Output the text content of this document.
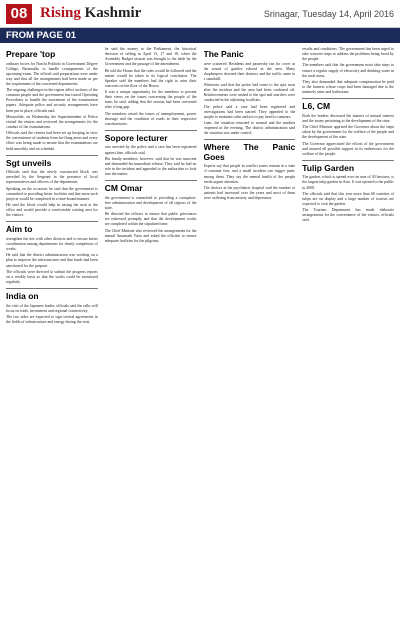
08 Rising Kashmir	Srinagar, Tuesday 14, April 2016
FROM PAGE 01
Prepare 'top

ordinary boxes for Narchi Pokhalo in Government Degree College, Baramulla, to handle consignments of the upcoming exam. The official said preparations were under way and that all the arrangements had been made as per the requirement of the concerned departments.

The ongoing challenges in the region affect sections of the common people and the government has issued Operating Procedures to handle the movement of the examination papers. Adequate police and security arrangements have been put in place, officials said.

Meanwhile, on Wednesday the Superintendent of Police visited the centres and reviewed the arrangements for the conduct of the examinations.

Officials said the centres had been set up keeping in view the convenience of students from far-flung areas and every effort was being made to ensure that the examinations are held smoothly and on schedule.

Sgt unveils

Officials said that the newly constructed block was unveiled by the Sergeant in the presence of local representatives and officers of the department.

Speaking on the occasion, he said that the government is committed to providing better facilities and that more such projects would be completed in a time-bound manner.

He said the block would help in easing the rush at the office and would provide a comfortable waiting area for the visitors.

Aim to

strengthen the ties with other districts and to ensure better coordination among departments for timely completion of works.

He said that the district administration was working on a plan to improve the infrastructure and that funds had been sanctioned for the purpose.

The officials were directed to submit the progress reports on a weekly basis so that the works could be monitored regularly.

India on

the visit of the Japanese leader, officials said the talks will focus on trade, investment and regional connectivity.

The two sides are expected to sign several agreements in the fields of infrastructure and energy during the visit.

he said the money to the Parliament, the historical decision of selling in April 13, 17 and 18, when the Assembly Budget session was brought to the table by the Government and the passage of the amendment.

He told the House that the rules would be followed and the matter would be taken to its logical conclusion. The Speaker said the members had the right to raise their concerns on the floor of the House.

It was a unique opportunity for the members to present their views on the issues concerning the people of the state, he said, adding that the session had been convened after a long gap.

The members raised the issues of unemployment, power shortage and the condition of roads in their respective constituencies.

Sopore lecturer

was arrested by the police and a case has been registered against him, officials said.

His family members, however, said that he was innocent and demanded his immediate release. They said he had no role in the incident and appealed to the authorities to look into the matter.

CM Omar

the government is committed to providing a corruption-free administration and development of all regions of the state.

He directed the officers to ensure that public grievances are redressed promptly and that the development works are completed within the stipulated time.

The Chief Minister also reviewed the arrangements for the annual Amarnath Yatra and asked the officials to ensure adequate facilities for the pilgrims.

The Panic

were scattered. Residents and passersby ran for cover as the sound of gunfire echoed in the area. Many shopkeepers downed their shutters and the traffic came to a standstill.

Witnesses said that the police had come to the spot soon after the incident and the area had been cordoned off. Reinforcements were rushed to the spot and searches were conducted in the adjoining localities.

The police said a case had been registered and investigations had been started. They appealed to the people to maintain calm and not to pay heed to rumours.

Later, the situation returned to normal and the markets reopened in the evening. The district administration said the situation was under control.

Where The Panic Goes

Experts say that people in conflict zones remain in a state of constant fear, and a small incident can trigger panic among them. They say the mental health of the people needs urgent attention.

The doctors at the psychiatric hospital said the number of patients had increased over the years and most of them were suffering from anxiety and depression.

results and conditions. The government has been urged to take concrete steps to address the problems being faced by the people.

The members said that the government must take steps to ensure a regular supply of electricity and drinking water in the rural areas.

They also demanded that adequate compensation be paid to the farmers whose crops had been damaged due to the untimely rains and hailstorms.

L6, CM

Both the leaders discussed the matters of mutual interest and the issues pertaining to the development of the state.

The Chief Minister apprised the Governor about the steps taken by the government for the welfare of the people and the development of the state.

The Governor appreciated the efforts of the government and assured all possible support in its endeavours for the welfare of the people.

Tulip Garden

The garden, which is spread over an area of 30 hectares, is the largest tulip garden in Asia. It was opened to the public in 2008.

The officials said that this year more than 60 varieties of tulips are on display and a large number of tourists are expected to visit the garden.

The Tourism Department has made elaborate arrangements for the convenience of the visitors, officials said.
